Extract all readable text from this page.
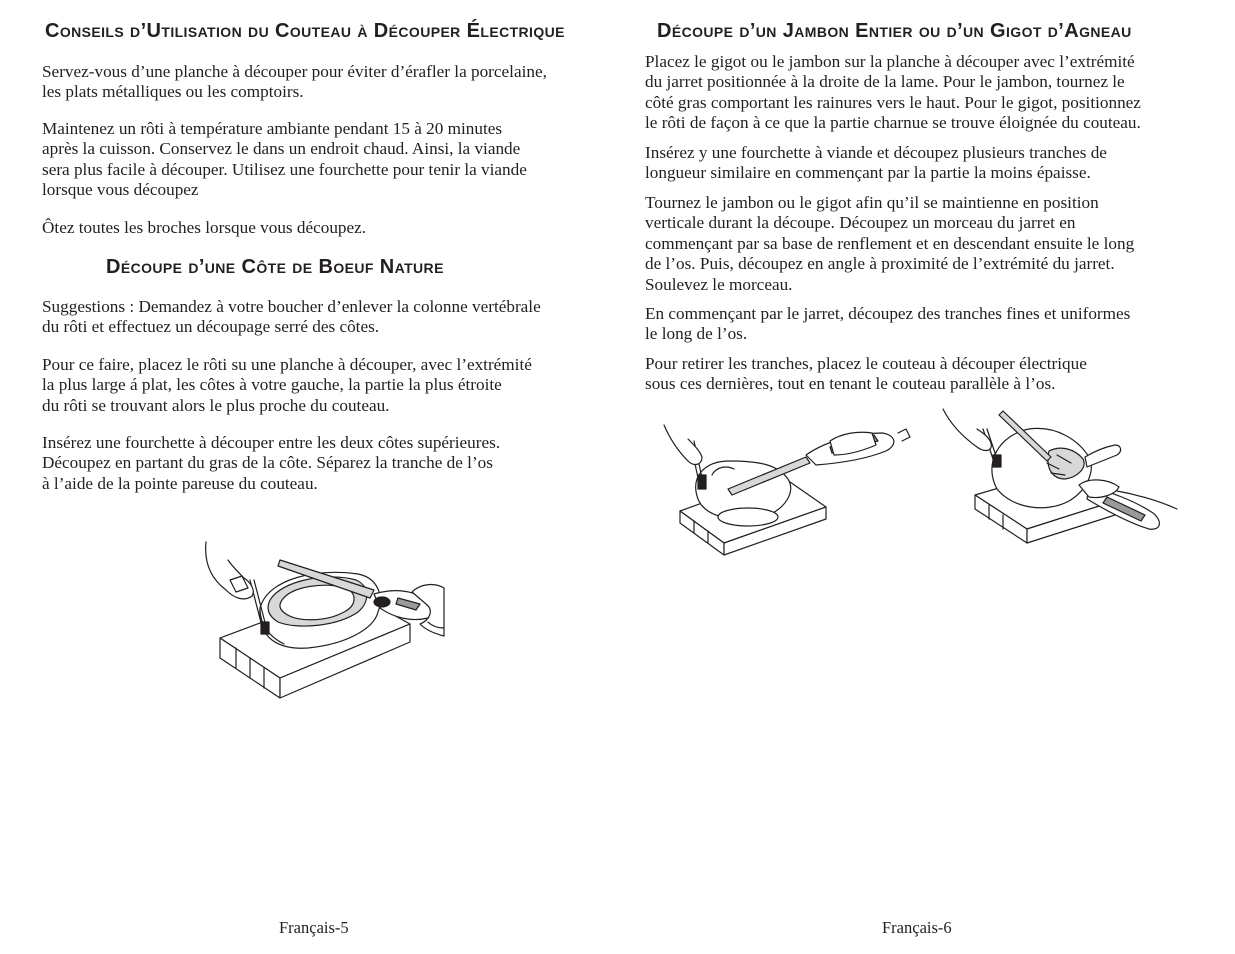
Conseils d’Utilisation du Couteau à Découper Électrique

Servez-vous d’une planche à découper pour éviter d’érafler la porcelaine,
les plats métalliques ou les comptoirs.

Maintenez un rôti à température ambiante pendant 15 à 20 minutes
après la cuisson. Conservez le dans un endroit chaud. Ainsi, la viande
sera plus facile à découper. Utilisez une fourchette pour tenir la viande
lorsque vous découpez

Ôtez toutes les broches lorsque vous découpez.

Découpe d’une Côte de Boeuf Nature

Suggestions : Demandez à votre boucher d’enlever la colonne vertébrale
du rôti et effectuez un découpage serré des côtes.

Pour ce faire, placez le rôti su une planche à découper, avec l’extrémité
la plus large á plat, les côtes à votre gauche, la partie la plus étroite
du rôti se trouvant alors le plus proche du couteau.

Insérez une fourchette à découper entre les deux côtes supérieures.
Découpez en partant du gras de la côte. Séparez la tranche de l’os
à l’aide de la pointe pareuse du couteau.

Français-5
Découpe d’un Jambon Entier ou d’un Gigot d’Agneau

Placez le gigot ou le jambon sur la planche à découper avec l’extrémité
du jarret positionnée à la droite de la lame. Pour le jambon, tournez le
côté gras comportant les rainures vers le haut. Pour le gigot, positionnez
le rôti de façon à ce que la partie charnue se trouve éloignée du couteau.

Insérez y une fourchette à viande et découpez plusieurs tranches de
longueur similaire en commençant par la partie la moins épaisse.

Tournez le jambon ou le gigot afin qu’il se maintienne en position
verticale durant la découpe. Découpez un morceau du jarret en
commençant par sa base de renflement et en descendant ensuite le long
de l’os. Puis, découpez en angle à proximité de l’extrémité du jarret.
Soulevez le morceau.

En commençant par le jarret, découpez des tranches fines et uniformes
le long de l’os.

Pour retirer les tranches, placez le couteau à découper électrique
sous ces dernières, tout en tenant le couteau parallèle à l’os.

Français-6
